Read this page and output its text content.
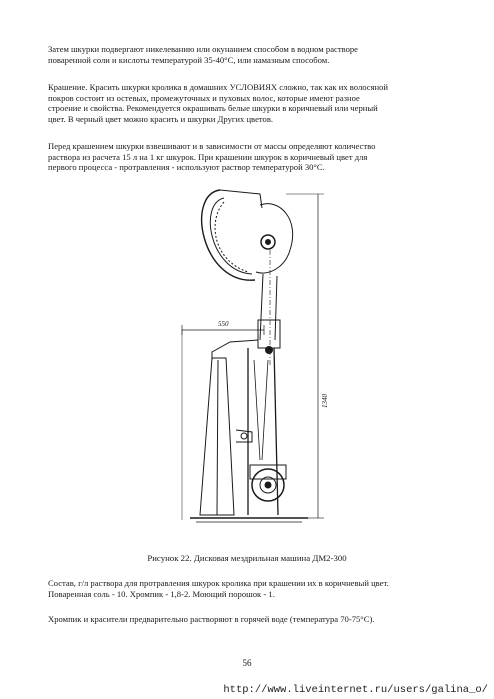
Затем шкурки подвергают никелеванию или окунанием способом в водном растворе
поваренной соли и кислоты температурой 35-40°С, или намазным способом.
Крашение. Красить шкурки кролика в домашних УСЛОВИЯХ сложно, так как их волосяной
покров состоит из остевых, промежуточных и пуховых волос, которые имеют разное
строение и свойства. Рекомендуется окрашивать белые шкурки в коричневый или черный
цвет. В черный цвет можно красить и шкурки Других цветов.
Перед крашением шкурки взвешивают и в зависимости от массы определяют количество
раствора из расчета 15 л на 1 кг шкурок. При крашении шкурок в коричневый цвет для
первого процесса - протравления - используют раствор температурой 30°С.
550
1340
Рисунок 22. Дисковая мездрильная машина ДМ2-300
Состав, г/л раствора для протравления шкурок кролика при крашении их в коричневый цвет.
Поваренная соль - 10. Хромпик - 1,8-2. Моющий порошок - 1.
Хромпик и красители предварительно растворяют в горячей воде (температура 70-75°С).
56
http://www.liveinternet.ru/users/galina_o/
